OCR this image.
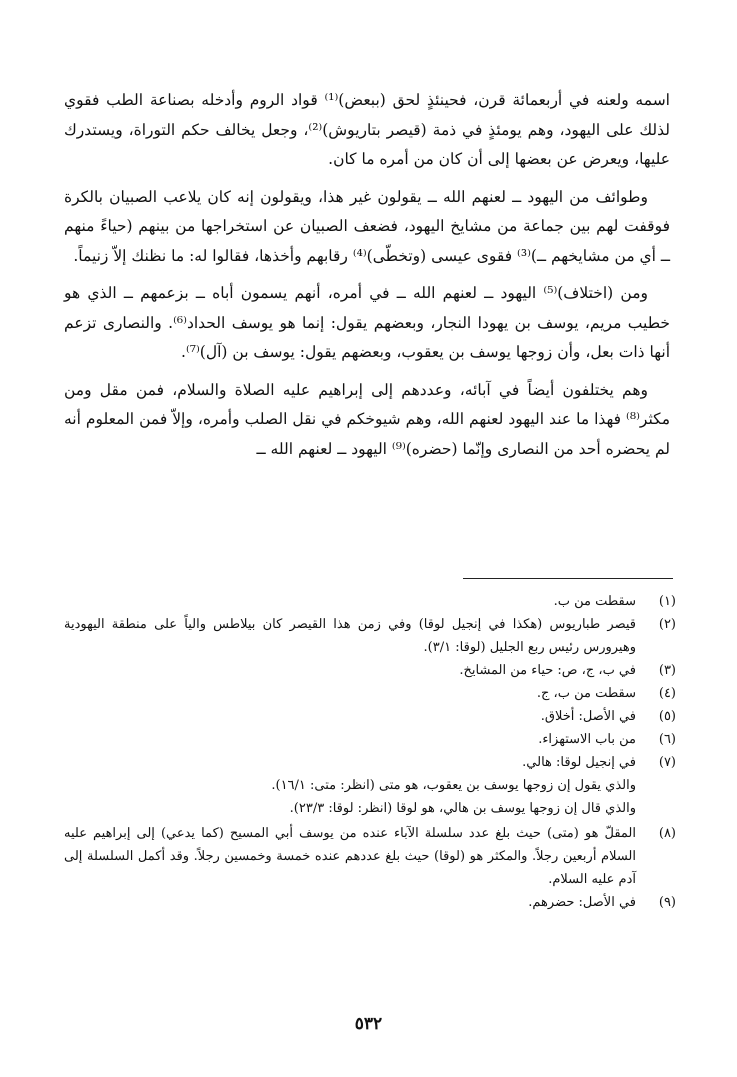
اسمه ولعنه في أربعمائة قرن، فحينئذٍ لحق (ببعض)⁽¹⁾ قواد الروم وأدخله بصناعة الطب فقوي لذلك على اليهود، وهم يومئذٍ في ذمة (قيصر بتاريوش)⁽²⁾، وجعل يخالف حكم التوراة، ويستدرك عليها، ويعرض عن بعضها إلى أن كان من أمره ما كان.

وطوائف من اليهود ــ لعنهم الله ــ يقولون غير هذا، ويقولون إنه كان يلاعب الصبيان بالكرة فوقفت لهم بين جماعة من مشايخ اليهود، فضعف الصبيان عن استخراجها من بينهم (حياءً منهم ــ أي من مشايخهم ــ)⁽³⁾ فقوى عيسى (وتخطّى)⁽⁴⁾ رقابهم وأخذها، فقالوا له: ما نظنك إلاّ زنيماً.

ومن (اختلاف)⁽⁵⁾ اليهود ــ لعنهم الله ــ في أمره، أنهم يسمون أباه ــ بزعمهم ــ الذي هو خطيب مريم، يوسف بن يهودا النجار، وبعضهم يقول: إنما هو يوسف الحداد⁽⁶⁾. والنصارى تزعم أنها ذات بعل، وأن زوجها يوسف بن يعقوب، وبعضهم يقول: يوسف بن (آل)⁽⁷⁾.

وهم يختلفون أيضاً في آبائه، وعددهم إلى إبراهيم عليه الصلاة والسلام، فمن مقل ومن مكثر⁽⁸⁾ فهذا ما عند اليهود لعنهم الله، وهم شيوخكم في نقل الصلب وأمره، وإلاّ فمن المعلوم أنه لم يحضره أحد من النصارى وإنّما (حضره)⁽⁹⁾ اليهود ــ لعنهم الله ــ

(١)
سقطت من ب.
(٢)
قيصر طباريوس (هكذا في إنجيل لوقا) وفي زمن هذا القيصر كان بيلاطس والياً على منطقة اليهودية وهيرورس رئيس ربع الجليل (لوقا: ٣/١).
(٣)
في ب، ج، ص: حياء من المشايخ.
(٤)
سقطت من ب، ج.
(٥)
في الأصل: أخلاق.
(٦)
من باب الاستهزاء.
(٧)
في إنجيل لوقا: هالي.

والذي يقول إن زوجها يوسف بن يعقوب، هو متى (انظر: متى: ١٦/١).

والذي قال إن زوجها يوسف بن هالي، هو لوقا (انظر: لوقا: ٢٣/٣).

(٨)
المقلّ هو (متى) حيث بلغ عدد سلسلة الآباء عنده من يوسف أبي المسيح (كما يدعي) إلى إبراهيم عليه السلام أربعين رجلاً. والمكثر هو (لوقا) حيث بلغ عددهم عنده خمسة وخمسين رجلاً. وقد أكمل السلسلة إلى آدم عليه السلام.
(٩)
في الأصل: حضرهم.
٥٣٢
